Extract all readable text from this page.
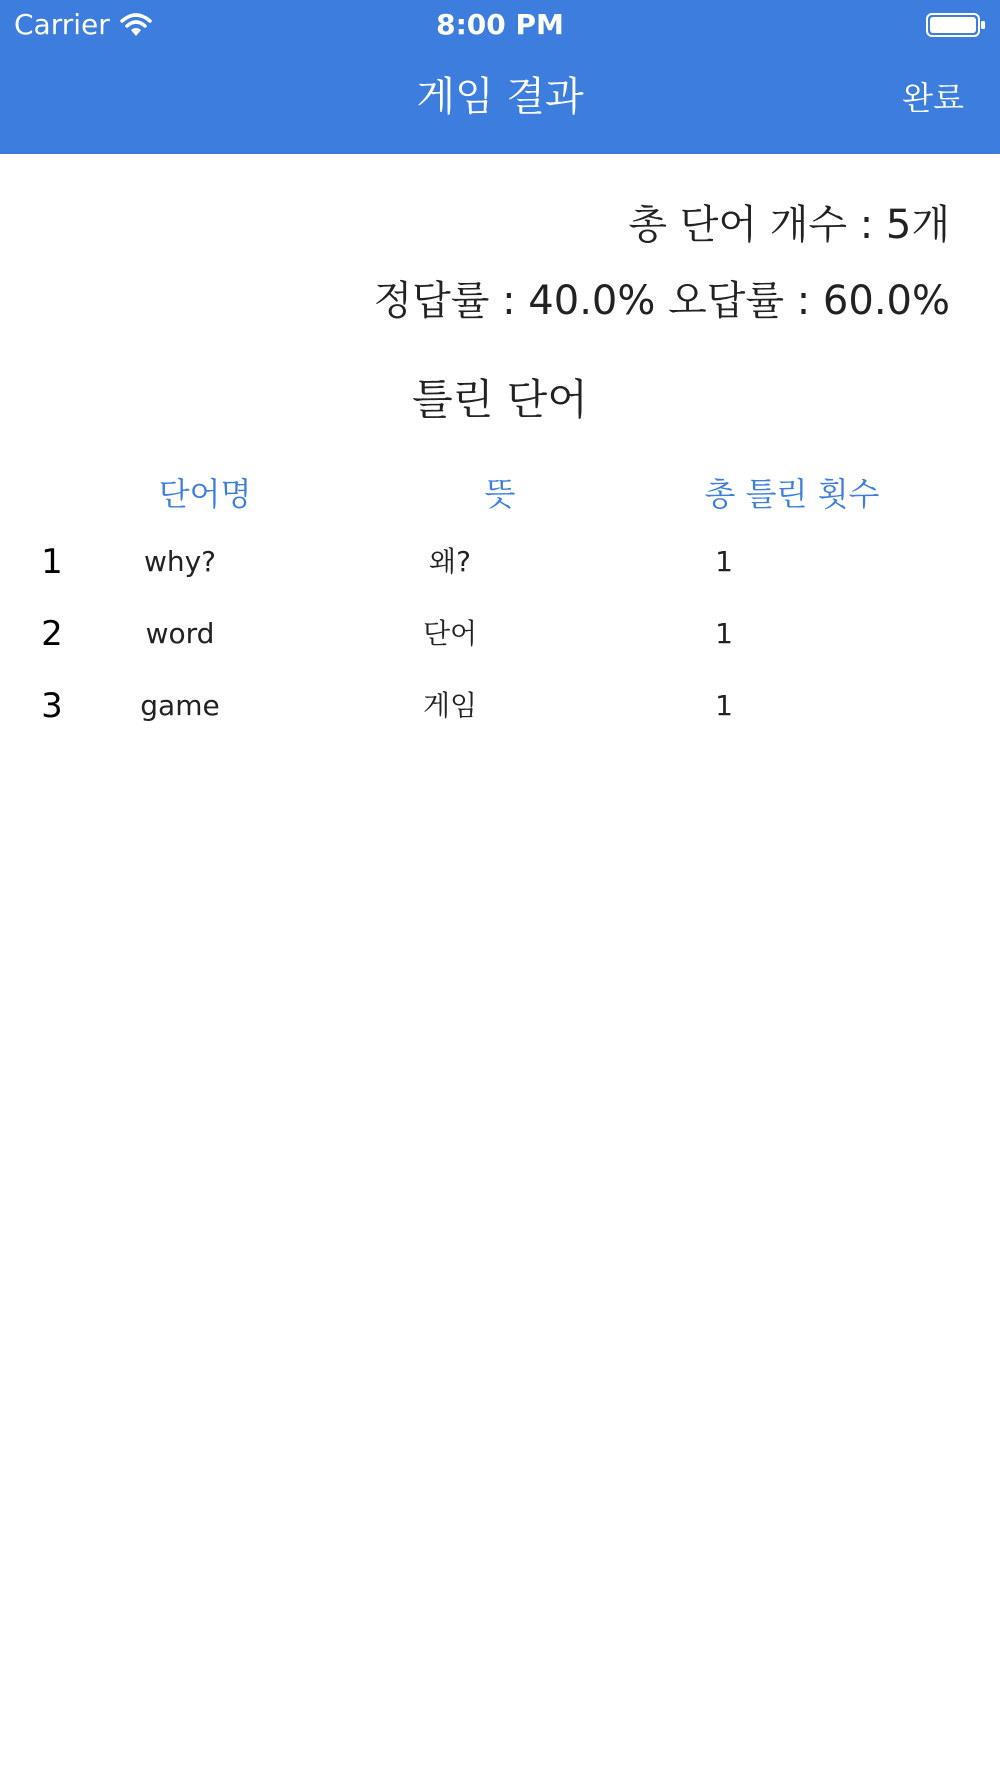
Carrier	8:00 PM
게임 결과	완료
총 단어 개수 : 5개
정답률 : 40.0% 오답률 : 60.0%
틀린 단어
단어명	뜻	총 틀린 횟수
1	why?	왜?	1
2	word	단어	1
3	game	게임	1
